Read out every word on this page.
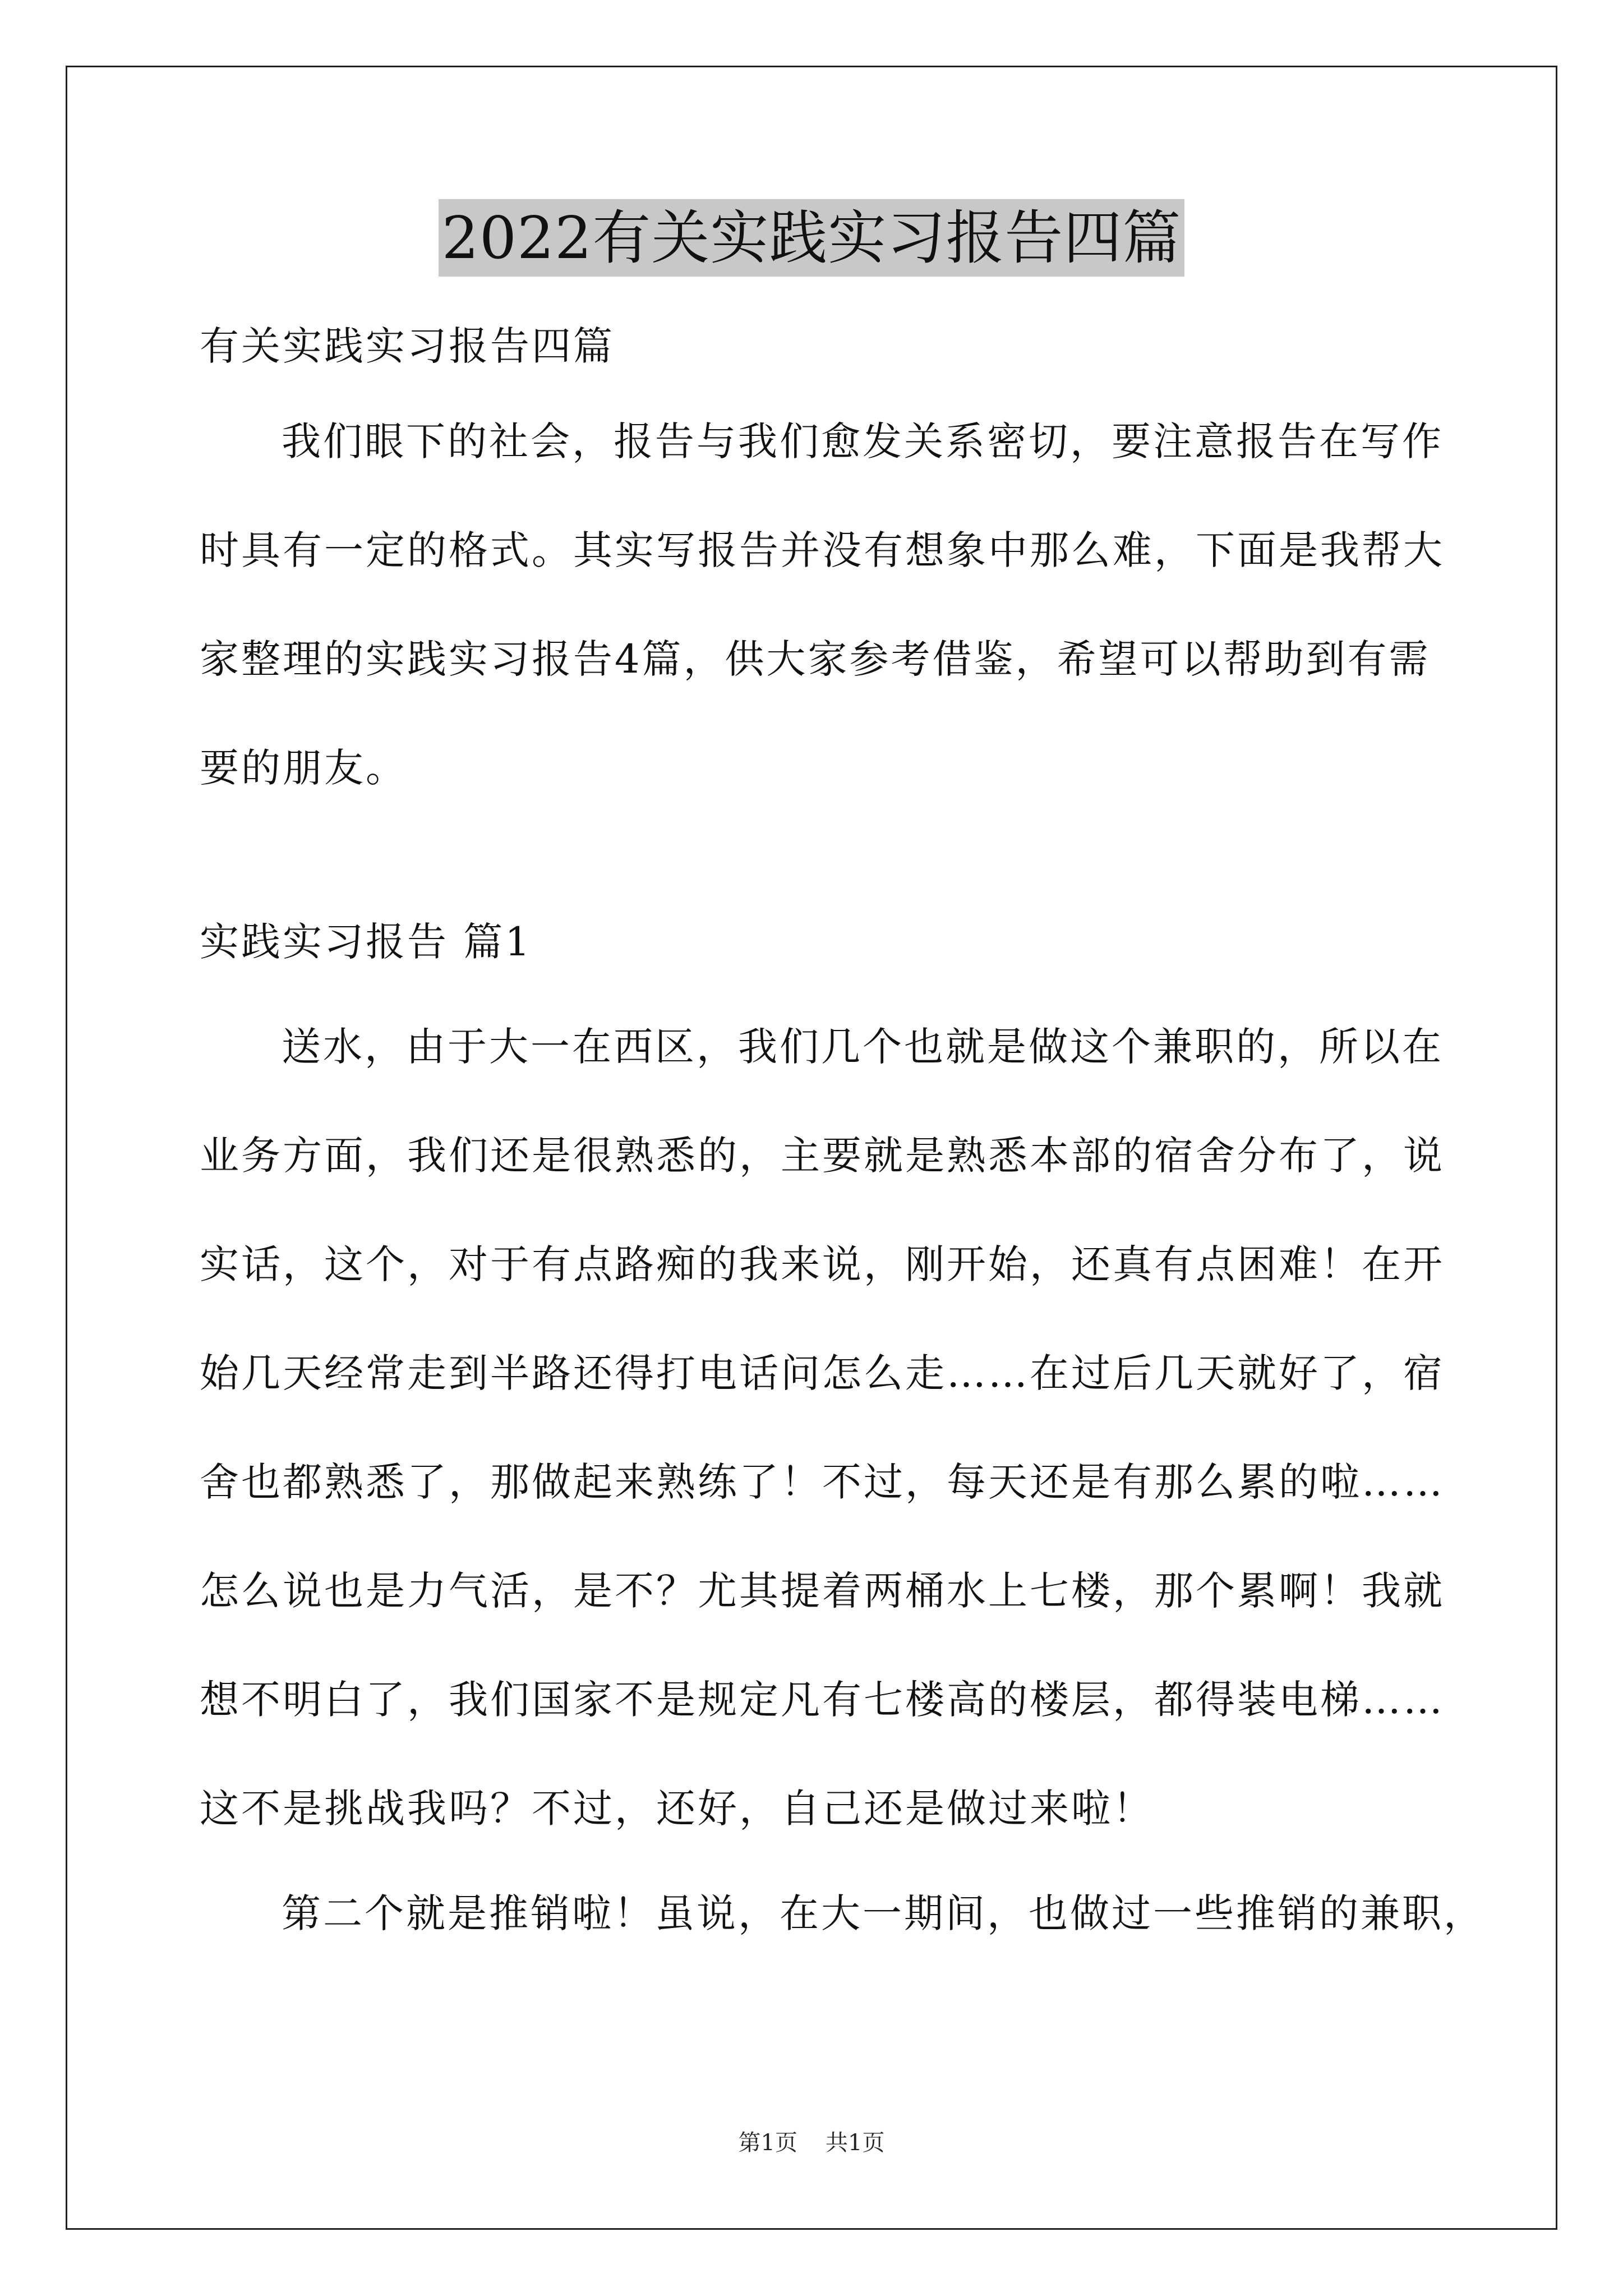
2022有关实践实习报告四篇
有关实践实习报告四篇
我们眼下的社会，报告与我们愈发关系密切，要注意报告在写作
时具有一定的格式。其实写报告并没有想象中那么难，下面是我帮大
家整理的实践实习报告4篇，供大家参考借鉴，希望可以帮助到有需
要的朋友。
实践实习报告 篇1
送水，由于大一在西区，我们几个也就是做这个兼职的，所以在
业务方面，我们还是很熟悉的，主要就是熟悉本部的宿舍分布了，说
实话，这个，对于有点路痴的我来说，刚开始，还真有点困难！在开
始几天经常走到半路还得打电话问怎么走……在过后几天就好了，宿
舍也都熟悉了，那做起来熟练了！不过，每天还是有那么累的啦……
怎么说也是力气活，是不？尤其提着两桶水上七楼，那个累啊！我就
想不明白了，我们国家不是规定凡有七楼高的楼层，都得装电梯……
这不是挑战我吗？不过，还好，自己还是做过来啦！
第二个就是推销啦！虽说，在大一期间，也做过一些推销的兼职，
第1页 共1页
